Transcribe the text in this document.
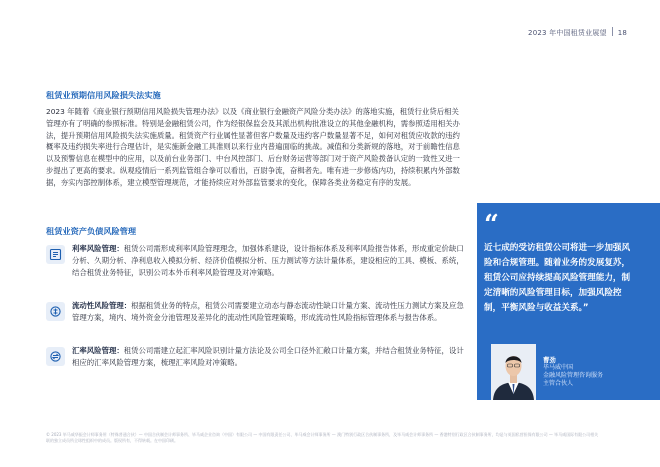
2023 年中国租赁业展望 18
租赁业预期信用风险损失法实施
2023 年随着《商业银行预期信用风险损失管理办法》以及《商业银行金融资产风险分类办法》的落地实施，租赁行业贷后相关管理亦有了明确的参照标准。特别是金融租赁公司，作为经银保监会及其派出机构批准设立的其他金融机构，需参照适用相关办法，提升预期信用风险损失法实施质量。租赁资产行业属性显著但客户数量及违约客户数量显著不足，如何对租赁应收款的违约概率及违约损失率进行合理估计，是实施新金融工具准则以来行业内普遍面临的挑战。减值和分类新规的落地，对于前瞻性信息以及预警信息在模型中的应用，以及前台业务部门、中台风控部门、后台财务运营等部门对于资产风险拨备认定的一致性又进一步提出了更高的要求。纵观疫情后一系列监管组合拳可以看出，百尉争流，奋楫者先。唯有进一步修炼内功，持续积累内外部数据，夯实内部控制体系，建立模型管理规范，才能持续应对外部监管要求的变化，保障各类业务稳定有序的发展。
租赁业资产负债风险管理
利率风险管理：租赁公司需形成利率风险管理理念，加强体系建设，设计指标体系及利率风险报告体系，形成重定价缺口分析、久期分析、净利息收入模拟分析、经济价值模拟分析、压力测试等方法计量体系，建设相应的工具、模板、系统，结合租赁业务特征，识别公司本外币利率风险管理及对冲策略。
流动性风险管理：根据租赁业务的特点，租赁公司需要建立动态与静态流动性缺口计量方案、流动性压力测试方案及应急管理方案，境内、境外资金分池管理及差异化的流动性风险管理策略，形成流动性风险指标管理体系与报告体系。
汇率风险管理：租赁公司需建立起汇率风险识别计量方法论及公司全口径外汇敞口计量方案，并结合租赁业务特征，设计相应的汇率风险管理方案，梳理汇率风险对冲策略。
“
近七成的受访租赁公司将进一步加强风险和合规管理。随着业务的发展复苏，租赁公司应持续提高风险管理能力，制定清晰的风险管理目标，加强风险控制，平衡风险与收益关系。”
曹劲
毕马威中国
金融风险管理咨询服务
主管合伙人
© 2023 毕马威华振会计师事务所（特殊普通合伙）— 中国合伙制会计师事务所、毕马威企业咨询（中国）有限公司 — 中国有限责任公司、毕马威会计师事务所 — 澳门特别行政区合伙制事务所，及毕马威会计师事务所 — 香港特别行政区合伙制事务所，均是与英国私营担保有限公司 — 毕马威国际有限公司相关联的独立成员所全球性组织中的成员。版权所有，不得转载。在中国印刷。
